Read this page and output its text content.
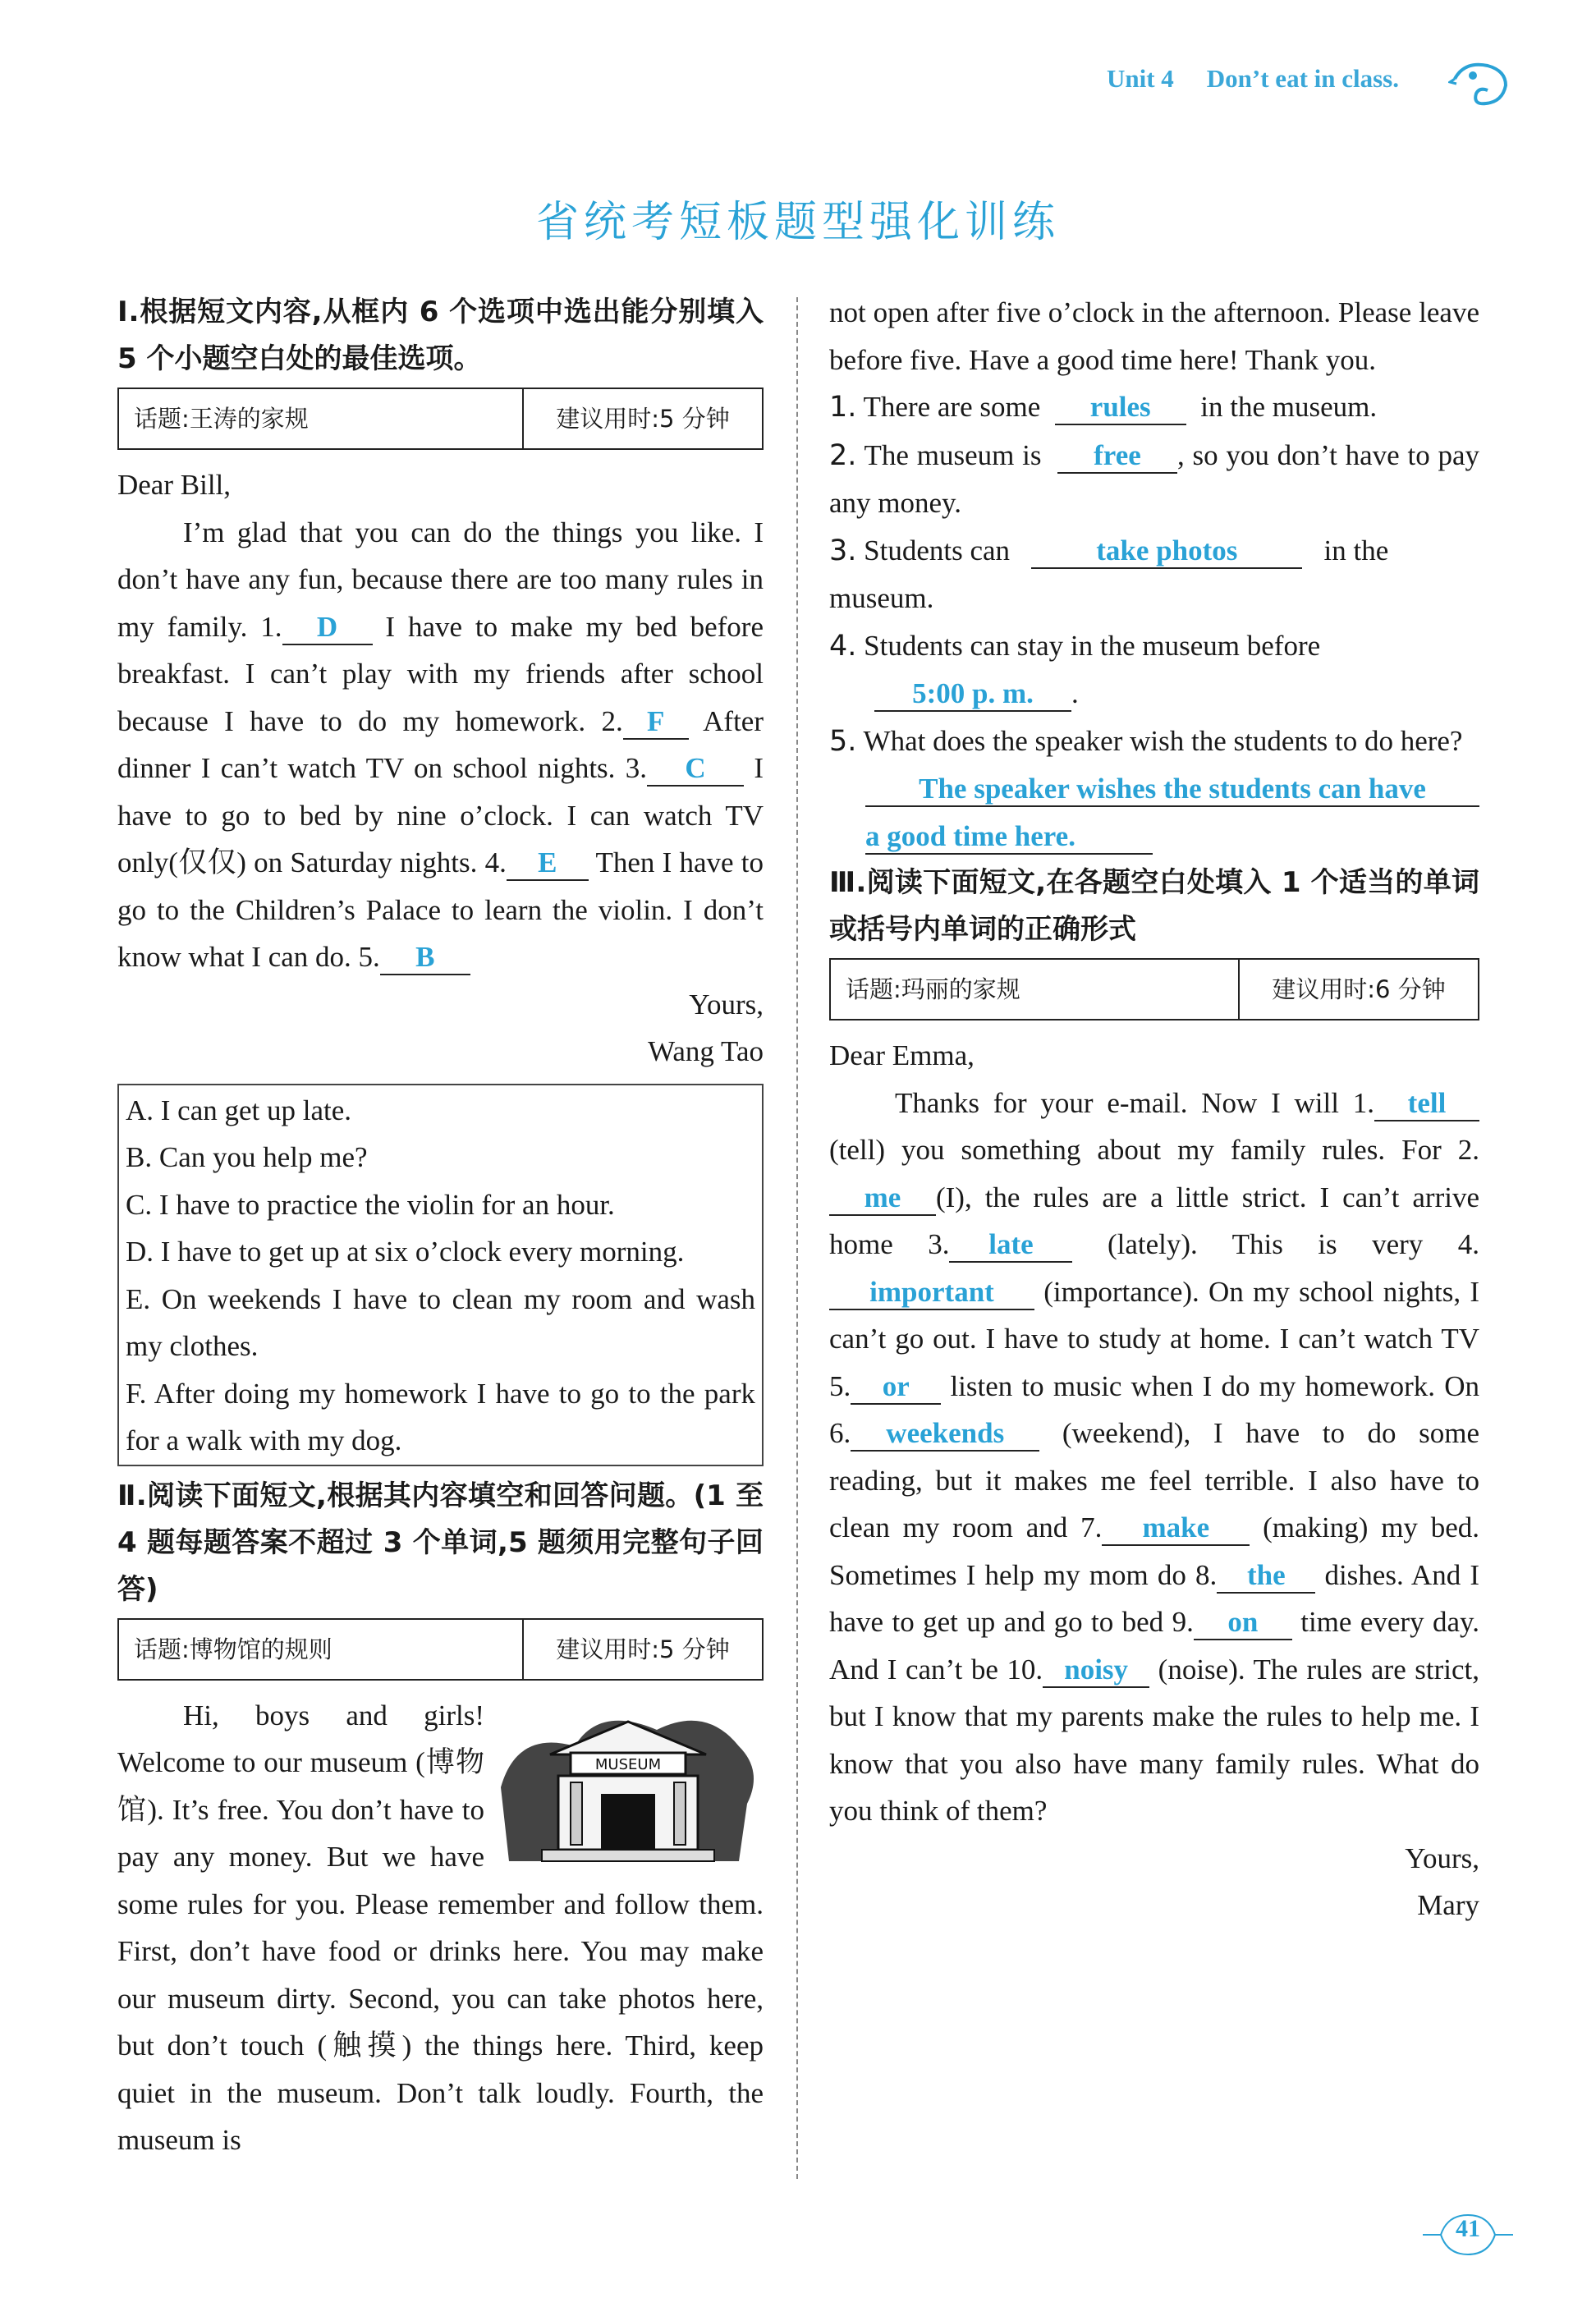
Unit 4 Don’t eat in class.
省统考短板题型强化训练
Ⅰ.根据短文内容,从框内 6 个选项中选出能分别填入 5 个小题空白处的最佳选项。
话题:王涛的家规	建议用时:5 分钟
Dear Bill,

I’m glad that you can do the things you like. I don’t have any fun, because there are too many rules in my family. 1. D I have to make my bed before breakfast. I can’t play with my friends after school because I have to do my homework. 2. F After dinner I can’t watch TV on school nights. 3. C I have to go to bed by nine o’clock. I can watch TV only(仅仅) on Saturday nights. 4. E Then I have to go to the Children’s Palace to learn the violin. I don’t know what I can do. 5. B

Yours,
Wang Tao
A. I can get up late.
B. Can you help me?
C. I have to practice the violin for an hour.
D. I have to get up at six o’clock every morning.
E. On weekends I have to clean my room and wash my clothes.
F. After doing my homework I have to go to the park for a walk with my dog.
Ⅱ.阅读下面短文,根据其内容填空和回答问题。(1 至 4 题每题答案不超过 3 个单词,5 题须用完整句子回答)
话题:博物馆的规则	建议用时:5 分钟
MUSEUM

Hi, boys and girls! Welcome to our museum (博物馆). It’s free. You don’t have to pay any money. But we have some rules for you. Please remember and follow them. First, don’t have food or drinks here. You may make our museum dirty. Second, you can take photos here, but don’t touch (触摸) the things here. Third, keep quiet in the museum. Don’t talk loudly. Fourth, the museum is

not open after five o’clock in the afternoon. Please leave before five. Have a good time here! Thank you.

1. There are some rules in the museum.
2. The museum is free , so you don’t have to pay any money.
3. Students can	take photos	in the museum.
4. Students can stay in the museum before
5:00 p. m. .
5. What does the speaker wish the students to do here?
The speaker wishes the students can have
a good time here.
Ⅲ.阅读下面短文,在各题空白处填入 1 个适当的单词或括号内单词的正确形式
话题:玛丽的家规	建议用时:6 分钟
Dear Emma,

Thanks for your e-mail. Now I will 1. tell (tell) you something about my family rules. For 2.me (I), the rules are a little strict. I can’t arrive home 3. late	(lately). This is very 4.important (importance). On my school nights, I can’t go out. I have to study at home. I can’t watch TV 5. or listen to music when I do my homework. On 6. weekends (weekend), I have to do some reading, but it makes me feel terrible. I also have to clean my room and 7. make (making) my bed. Sometimes I help my mom do 8. the dishes. And I have to get up and go to bed 9. on time every day. And I can’t be 10. noisy (noise). The rules are strict, but I know that my parents make the rules to help me. I know that you also have many family rules. What do you think of them?

Yours,
Mary
41
